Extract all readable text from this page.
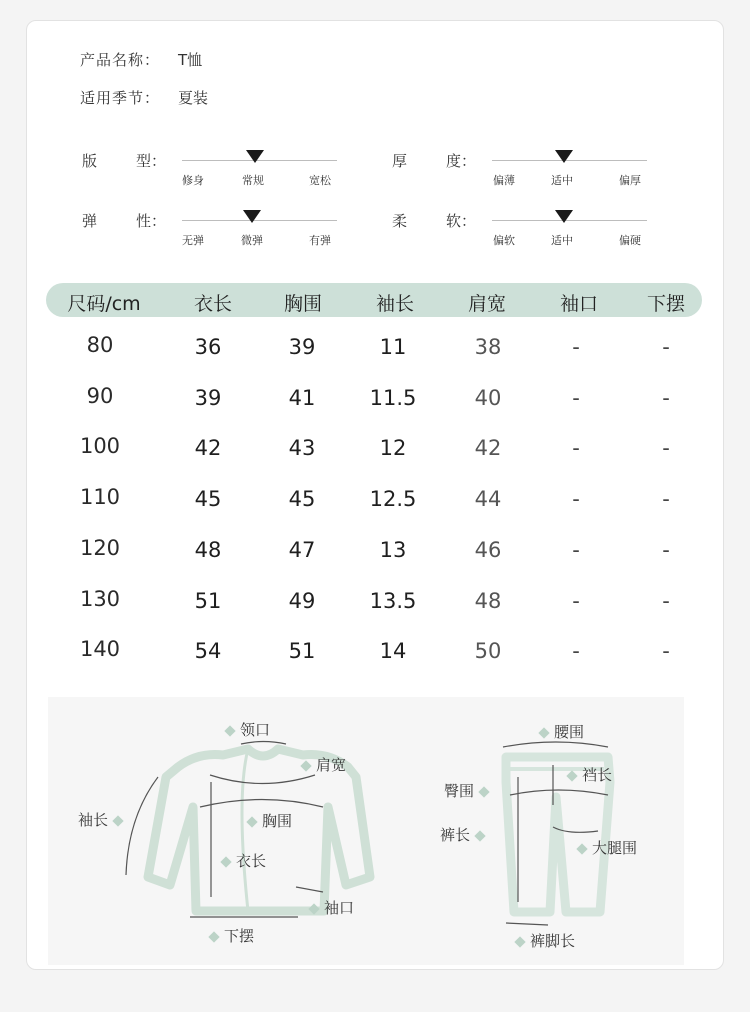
产品名称： T恤
适用季节： 夏装
版	型：
修身	常规	宽松
厚	度：
偏薄	适中	偏厚
弹	性：
无弹	微弹	有弹
柔	软：
偏软	适中	偏硬
尺码/cm	衣长	胸围	袖长	肩宽	袖口	下摆
80	36	39	11	38	-	-
90	39	41	11.5	40	-	-
100	42	43	12	42	-	-
110	45	45	12.5	44	-	-
120	48	47	13	46	-	-
130	51	49	13.5	48	-	-
140	54	51	14	50	-	-
领口
肩宽
袖长	胸围
衣长
袖口
下摆
腰围
臀围
裆长
裤长
大腿围
裤脚长
